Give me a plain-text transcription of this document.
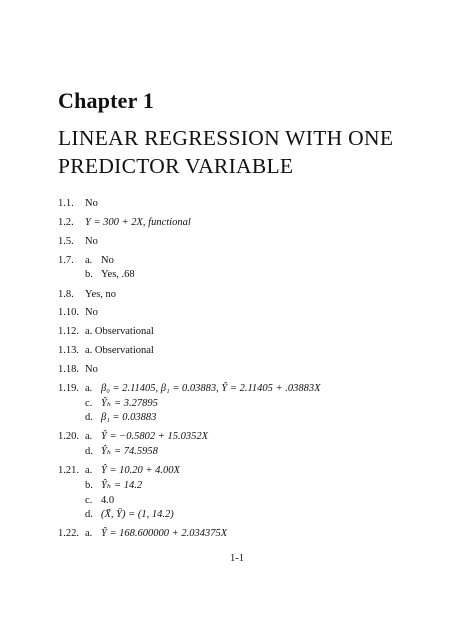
Chapter 1
LINEAR REGRESSION WITH ONE
PREDICTOR VARIABLE
1.1. No
1.2. Y = 300 + 2X, functional
1.5. No
1.7. a. No
b. Yes, .68
1.8. Yes, no
1.10. No
1.12. a. Observational
1.13. a. Observational
1.18. No
1.19. a. β₀ = 2.11405, β₁ = 0.03883, Ŷ = 2.11405 + .03883X
c. Ŷₕ = 3.27895
d. β₁ = 0.03883
1.20. a. Ŷ = −0.5802 + 15.0352X
d. Ŷₕ = 74.5958
1.21. a. Ŷ = 10.20 + 4.00X
b. Ŷₕ = 14.2
c. 4.0
d. (X̄, Ȳ) = (1, 14.2)
1.22. a. Ŷ = 168.600000 + 2.034375X
1-1
